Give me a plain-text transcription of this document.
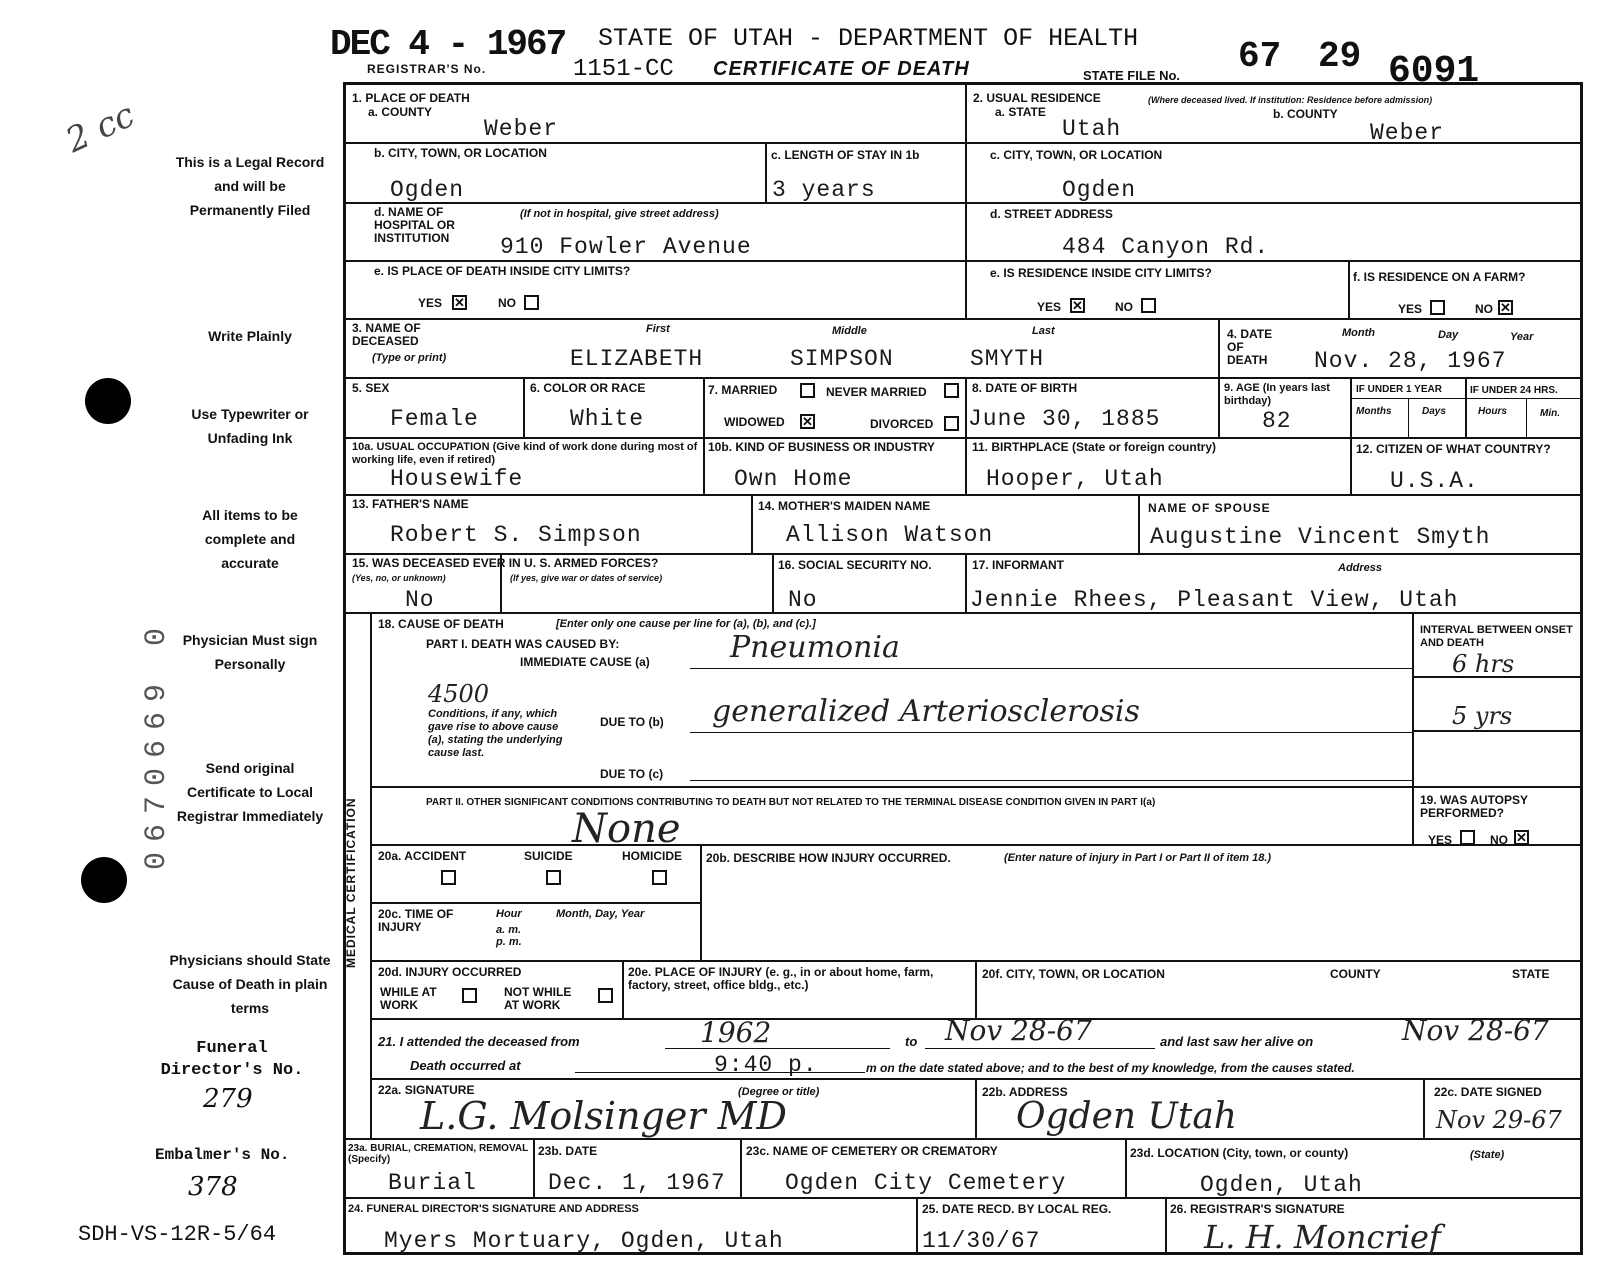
DEC 4 - 1967 STATE OF UTAH - DEPARTMENT OF HEALTH
REGISTRAR'S No.	1151-CC CERTIFICATE OF DEATH	STATE FILE No. 67 29 6091
2 cc
This is a Legal Record and will be Permanently Filed
Write Plainly
Use Typewriter or Unfading Ink
All items to be complete and accurate
Physician Must sign Personally
Send original Certificate to Local Registrar Immediately
Physicians should State Cause of Death in plain terms
0670669 0
Funeral Director's No.
279
Embalmer's No.
378
SDH-VS-12R-5/64
1. PLACE OF DEATH
a. COUNTY
Weber
2. USUAL RESIDENCE	(Where deceased lived. If institution: Residence before admission)
a. STATE
Utah
b. COUNTY
Weber
b. CITY, TOWN, OR LOCATION
Ogden
c. LENGTH OF STAY IN 1b
3 years
c. CITY, TOWN, OR LOCATION
Ogden
d. NAME OF HOSPITAL OR INSTITUTION
(If not in hospital, give street address)
910 Fowler Avenue
d. STREET ADDRESS
484 Canyon Rd.
e. IS PLACE OF DEATH INSIDE CITY LIMITS?
YES ✕	NO
e. IS RESIDENCE INSIDE CITY LIMITS?
YES ✕	NO
f. IS RESIDENCE ON A FARM?
YES	NO ✕
3. NAME OF DECEASED
(Type or print)
First	Middle	Last
ELIZABETH	SIMPSON	SMYTH
4. DATE OF DEATH
Month	Day	Year
Nov. 28, 1967
5. SEX
Female
6. COLOR OR RACE
White
7. MARRIED	NEVER MARRIED
WIDOWED ✕	DIVORCED
8. DATE OF BIRTH
June 30, 1885
9. AGE (In years last birthday)
82
IF UNDER 1 YEAR	IF UNDER 24 HRS.
Months	Days	Hours	Min.
10a. USUAL OCCUPATION (Give kind of work done during most of working life, even if retired)
Housewife
10b. KIND OF BUSINESS OR INDUSTRY
Own Home
11. BIRTHPLACE (State or foreign country)
Hooper, Utah
12. CITIZEN OF WHAT COUNTRY?
U.S.A.
13. FATHER'S NAME
Robert S. Simpson
14. MOTHER'S MAIDEN NAME
Allison Watson
NAME OF SPOUSE
Augustine Vincent Smyth
15. WAS DECEASED EVER IN U. S. ARMED FORCES?
(Yes, no, or unknown)	(If yes, give war or dates of service)
No
16. SOCIAL SECURITY NO.
No
17. INFORMANT	Address
Jennie Rhees, Pleasant View, Utah
MEDICAL CERTIFICATION
18. CAUSE OF DEATH	[Enter only one cause per line for (a), (b), and (c).]
PART I. DEATH WAS CAUSED BY:
IMMEDIATE CAUSE (a)	Pneumonia	INTERVAL BETWEEN ONSET AND DEATH
6 hrs
4500
Conditions, if any, which gave rise to above cause (a), stating the underlying cause last.
DUE TO (b) generalized Arteriosclerosis	5 yrs
DUE TO (c)
PART II. OTHER SIGNIFICANT CONDITIONS CONTRIBUTING TO DEATH BUT NOT RELATED TO THE TERMINAL DISEASE CONDITION GIVEN IN PART I(a)
None
19. WAS AUTOPSY PERFORMED?
YES	NO ✕
20a. ACCIDENT	SUICIDE	HOMICIDE 20b. DESCRIBE HOW INJURY OCCURRED.	(Enter nature of injury in Part I or Part II of item 18.)
20c. TIME OF INJURY
Hour
a. m. p. m.
Month, Day, Year
20d. INJURY OCCURRED
WHILE AT WORK
NOT WHILE AT WORK
20e. PLACE OF INJURY (e. g., in or about home, farm, factory, street, office bldg., etc.)
20f. CITY, TOWN, OR LOCATION	COUNTY	STATE
21. I attended the deceased from	1962	to Nov 28-67	and last saw her alive on	Nov 28-67
Death occurred at	9:40 p.	m on the date stated above; and to the best of my knowledge, from the causes stated.
22a. SIGNATURE	(Degree or title)
L.G. Molsinger MD
22b. ADDRESS
Ogden Utah
22c. DATE SIGNED
Nov 29-67
23a. BURIAL, CREMATION, REMOVAL (Specify)
Burial
23b. DATE
Dec. 1, 1967
23c. NAME OF CEMETERY OR CREMATORY
Ogden City Cemetery
23d. LOCATION (City, town, or county)	(State)
Ogden, Utah
24. FUNERAL DIRECTOR'S SIGNATURE AND ADDRESS
Myers Mortuary, Ogden, Utah
25. DATE RECD. BY LOCAL REG.
11/30/67
26. REGISTRAR'S SIGNATURE
L. H. Moncrief
